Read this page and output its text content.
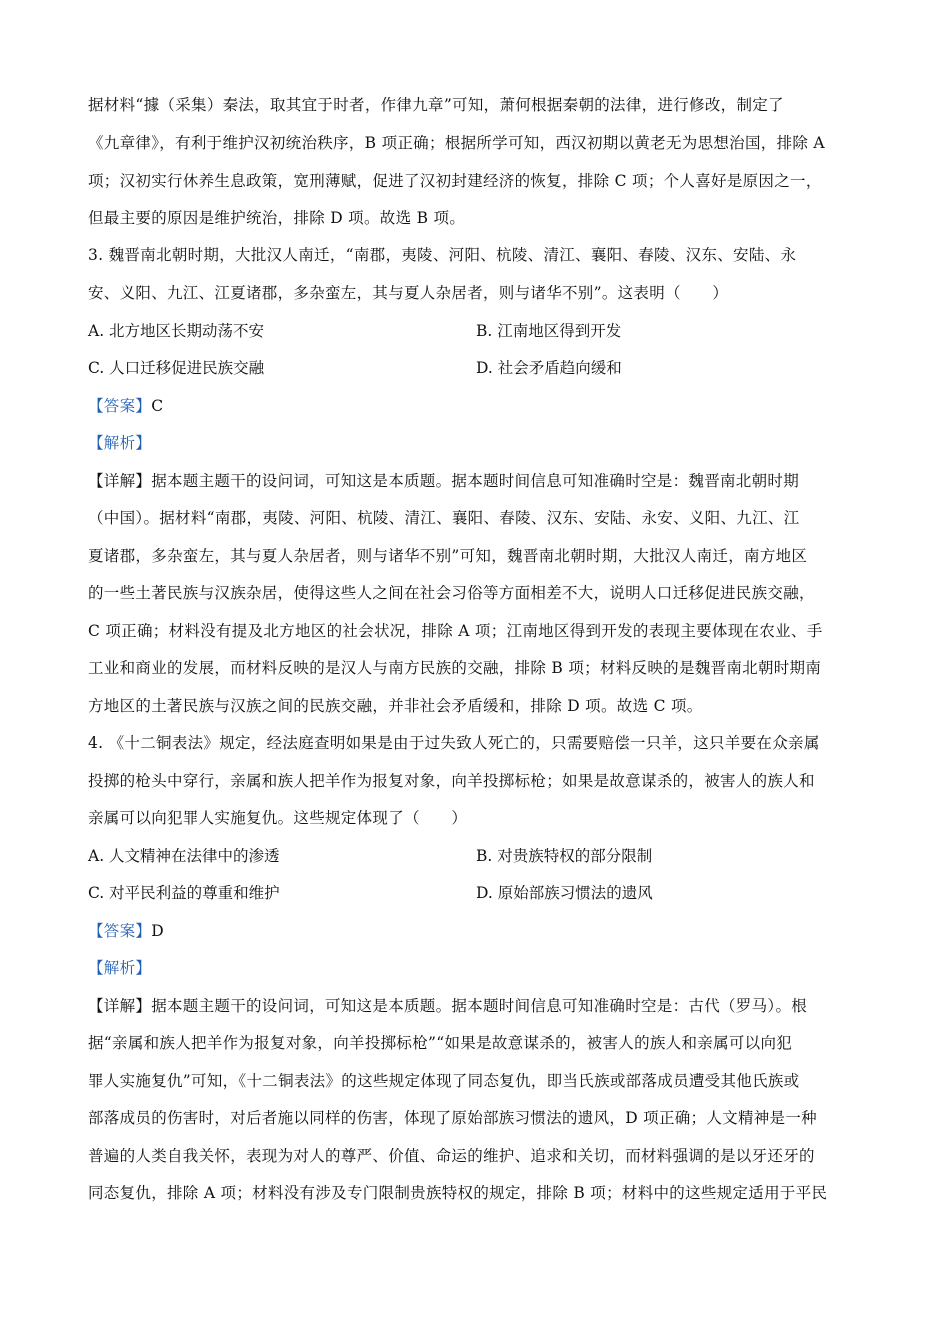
据材料“據（采集）秦法，取其宜于时者，作律九章”可知，萧何根据秦朝的法律，进行修改，制定了
《九章律》，有利于维护汉初统治秩序，B 项正确；根据所学可知，西汉初期以黄老无为思想治国，排除 A
项；汉初实行休养生息政策，宽刑薄赋，促进了汉初封建经济的恢复，排除 C 项；个人喜好是原因之一，
但最主要的原因是维护统治，排除 D 项。故选 B 项。
3. 魏晋南北朝时期，大批汉人南迁，“南郡，夷陵、河阳、杭陵、清江、襄阳、春陵、汉东、安陆、永
安、义阳、九江、江夏诸郡，多杂蛮左，其与夏人杂居者，则与诸华不别”。这表明（　　）
A. 北方地区长期动荡不安	B. 江南地区得到开发
C. 人口迁移促进民族交融	D. 社会矛盾趋向缓和
【答案】C
【解析】
【详解】据本题主题干的设问词，可知这是本质题。据本题时间信息可知准确时空是：魏晋南北朝时期
（中国）。据材料“南郡，夷陵、河阳、杭陵、清江、襄阳、春陵、汉东、安陆、永安、义阳、九江、江
夏诸郡，多杂蛮左，其与夏人杂居者，则与诸华不别”可知，魏晋南北朝时期，大批汉人南迁，南方地区
的一些土著民族与汉族杂居，使得这些人之间在社会习俗等方面相差不大，说明人口迁移促进民族交融，
C 项正确；材料没有提及北方地区的社会状况，排除 A 项；江南地区得到开发的表现主要体现在农业、手
工业和商业的发展，而材料反映的是汉人与南方民族的交融，排除 B 项；材料反映的是魏晋南北朝时期南
方地区的土著民族与汉族之间的民族交融，并非社会矛盾缓和，排除 D 项。故选 C 项。
4. 《十二铜表法》规定，经法庭查明如果是由于过失致人死亡的，只需要赔偿一只羊，这只羊要在众亲属
投掷的枪头中穿行，亲属和族人把羊作为报复对象，向羊投掷标枪；如果是故意谋杀的，被害人的族人和
亲属可以向犯罪人实施复仇。这些规定体现了（　　）
A. 人文精神在法律中的渗透	B. 对贵族特权的部分限制
C. 对平民利益的尊重和维护	D. 原始部族习惯法的遗风
【答案】D
【解析】
【详解】据本题主题干的设问词，可知这是本质题。据本题时间信息可知准确时空是：古代（罗马）。根
据“亲属和族人把羊作为报复对象，向羊投掷标枪”“如果是故意谋杀的，被害人的族人和亲属可以向犯
罪人实施复仇”可知，《十二铜表法》的这些规定体现了同态复仇，即当氏族或部落成员遭受其他氏族或
部落成员的伤害时，对后者施以同样的伤害，体现了原始部族习惯法的遗风，D 项正确；人文精神是一种
普遍的人类自我关怀，表现为对人的尊严、价值、命运的维护、追求和关切，而材料强调的是以牙还牙的
同态复仇，排除 A 项；材料没有涉及专门限制贵族特权的规定，排除 B 项；材料中的这些规定适用于平民
